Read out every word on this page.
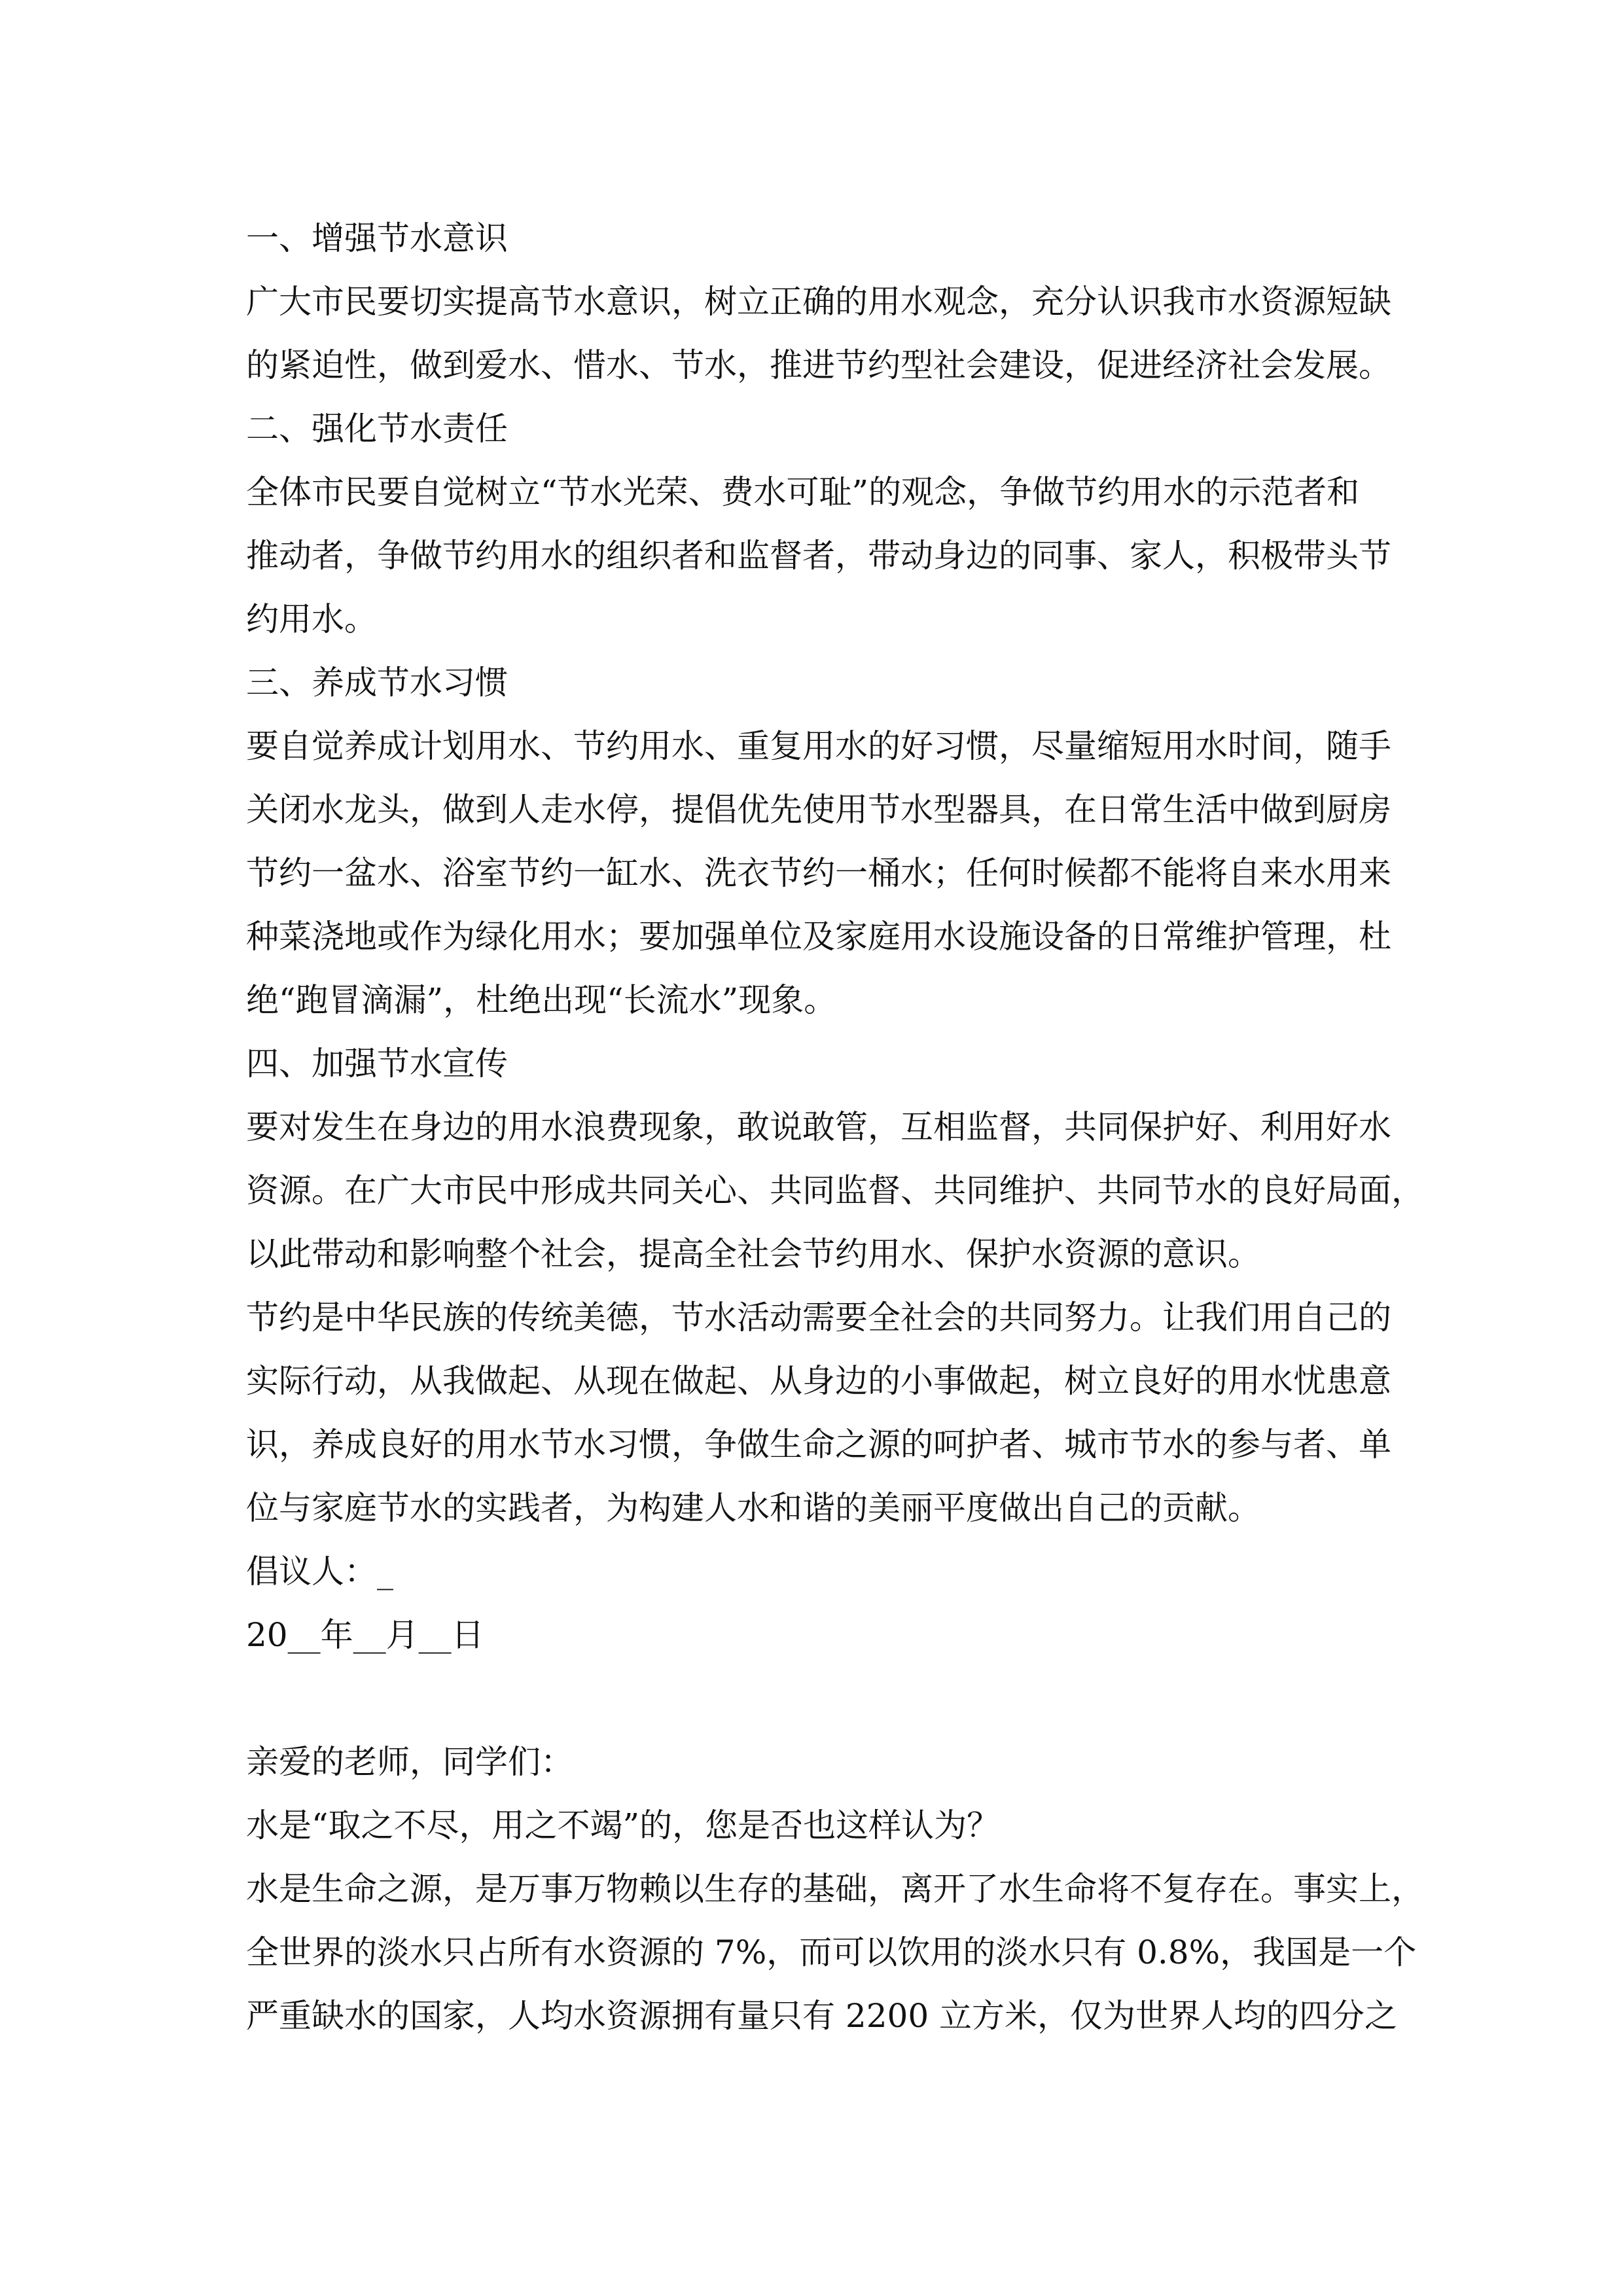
一、增强节水意识
广大市民要切实提高节水意识，树立正确的用水观念，充分认识我市水资源短缺
的紧迫性，做到爱水、惜水、节水，推进节约型社会建设，促进经济社会发展。
二、强化节水责任
全体市民要自觉树立“节水光荣、费水可耻”的观念，争做节约用水的示范者和
推动者，争做节约用水的组织者和监督者，带动身边的同事、家人，积极带头节
约用水。
三、养成节水习惯
要自觉养成计划用水、节约用水、重复用水的好习惯，尽量缩短用水时间，随手
关闭水龙头，做到人走水停，提倡优先使用节水型器具，在日常生活中做到厨房
节约一盆水、浴室节约一缸水、洗衣节约一桶水；任何时候都不能将自来水用来
种菜浇地或作为绿化用水；要加强单位及家庭用水设施设备的日常维护管理，杜
绝“跑冒滴漏”，杜绝出现“长流水”现象。
四、加强节水宣传
要对发生在身边的用水浪费现象，敢说敢管，互相监督，共同保护好、利用好水
资源。在广大市民中形成共同关心、共同监督、共同维护、共同节水的良好局面，
以此带动和影响整个社会，提高全社会节约用水、保护水资源的意识。
节约是中华民族的传统美德，节水活动需要全社会的共同努力。让我们用自己的
实际行动，从我做起、从现在做起、从身边的小事做起，树立良好的用水忧患意
识，养成良好的用水节水习惯，争做生命之源的呵护者、城市节水的参与者、单
位与家庭节水的实践者，为构建人水和谐的美丽平度做出自己的贡献。
倡议人：_
20__年__月__日
亲爱的老师，同学们：
水是“取之不尽，用之不竭”的，您是否也这样认为？
水是生命之源，是万事万物赖以生存的基础，离开了水生命将不复存在。事实上，
全世界的淡水只占所有水资源的 7%，而可以饮用的淡水只有 0.8%，我国是一个
严重缺水的国家，人均水资源拥有量只有 2200 立方米，仅为世界人均的四分之
